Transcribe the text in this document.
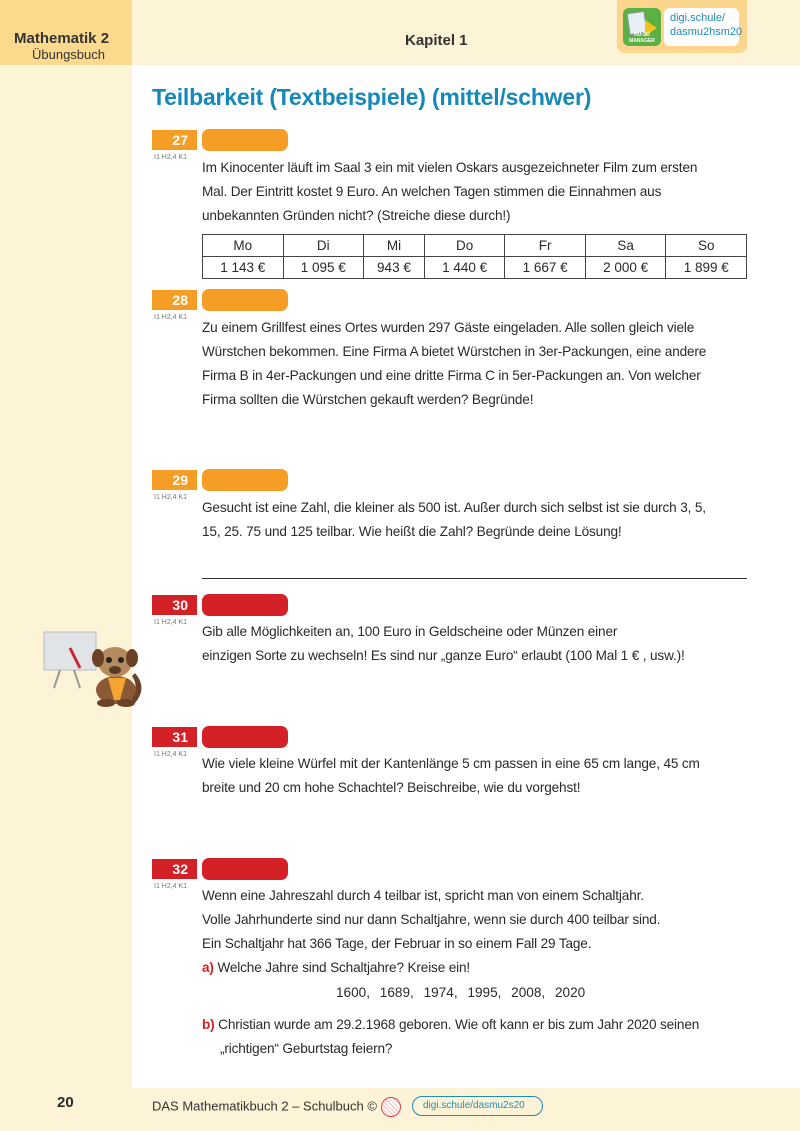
Mathematik 2
Übungsbuch
Kapitel 1	HÜ-SÜ MANAGER
digi.schule/
dasmu2hsm20
Teilbarkeit (Textbeispiele) (mittel/schwer)
27
I1 H2,4 K1
Im Kinocenter läuft im Saal 3 ein mit vielen Oskars ausgezeichneter Film zum ersten
Mal. Der Eintritt kostet 9 Euro. An welchen Tagen stimmen die Einnahmen aus
unbekannten Gründen nicht? (Streiche diese durch!)
Mo	Di	Mi	Do	Fr	Sa	So
1 143 €	1 095 €	943 €	1 440 €	1 667 €	2 000 €	1 899 €
28
I1 H2,4 K1
Zu einem Grillfest eines Ortes wurden 297 Gäste eingeladen. Alle sollen gleich viele
Würstchen bekommen. Eine Firma A bietet Würstchen in 3er-Packungen, eine andere
Firma B in 4er-Packungen und eine dritte Firma C in 5er-Packungen an. Von welcher
Firma sollten die Würstchen gekauft werden? Begründe!
29
I1 H2,4 K1
Gesucht ist eine Zahl, die kleiner als 500 ist. Außer durch sich selbst ist sie durch 3, 5,
15, 25. 75 und 125 teilbar. Wie heißt die Zahl? Begründe deine Lösung!
30
I1 H2,4 K1
Gib alle Möglichkeiten an, 100 Euro in Geldscheine oder Münzen einer
einzigen Sorte zu wechseln! Es sind nur „ganze Euro“ erlaubt (100 Mal 1 € , usw.)!
31
I1 H2,4 K1
Wie viele kleine Würfel mit der Kantenlänge 5 cm passen in eine 65 cm lange, 45 cm
breite und 20 cm hohe Schachtel? Beischreibe, wie du vorgehst!
32
I1 H2,4 K1
Wenn eine Jahreszahl durch 4 teilbar ist, spricht man von einem Schaltjahr.
Volle Jahrhunderte sind nur dann Schaltjahre, wenn sie durch 400 teilbar sind.
Ein Schaltjahr hat 366 Tage, der Februar in so einem Fall 29 Tage.
a) Welche Jahre sind Schaltjahre? Kreise ein!
1600, 1689, 1974, 1995, 2008, 2020
b) Christian wurde am 29.2.1968 geboren. Wie oft kann er bis zum Jahr 2020 seinen
„richtigen“ Geburtstag feiern?
20	DAS Mathematikbuch 2 – Schulbuch ©	digi.schule/dasmu2s20
